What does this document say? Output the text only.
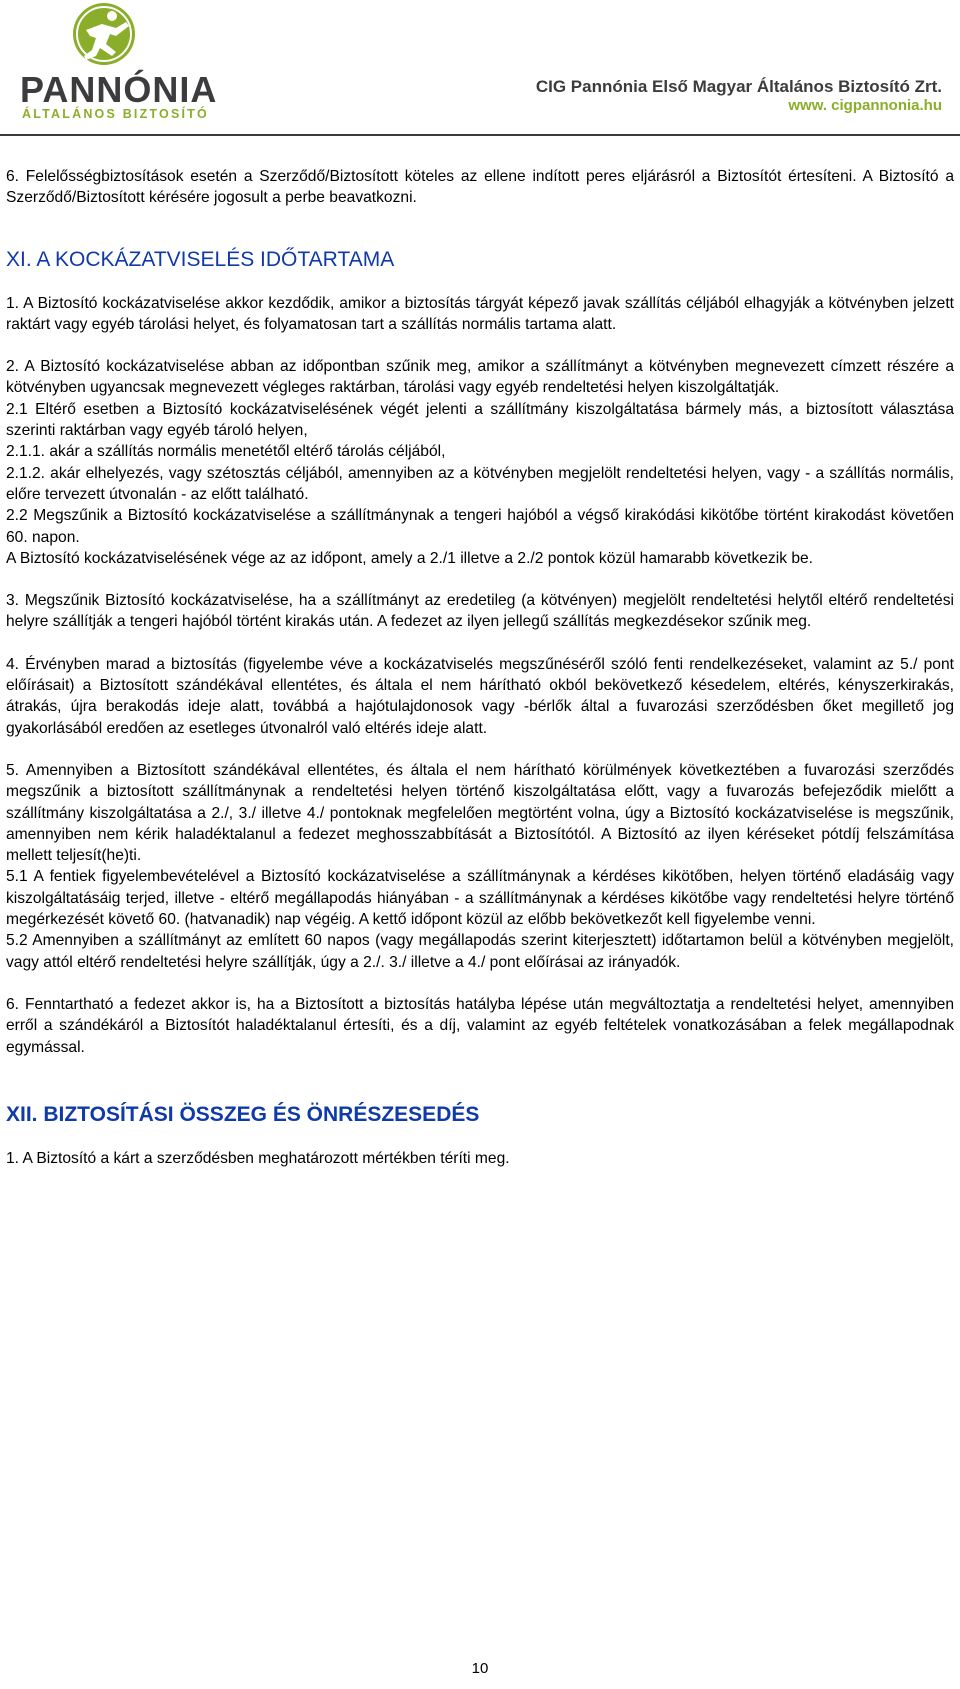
PANNÓNIA
ÁLTALÁNOS BIZTOSÍTÓ
CIG Pannónia Első Magyar Általános Biztosító Zrt.
www. cigpannonia.hu

6. Felelősségbiztosítások esetén a Szerződő/Biztosított köteles az ellene indított peres eljárásról a Biztosítót értesíteni. A Biztosító a Szerződő/Biztosított kérésére jogosult a perbe beavatkozni.

XI. A KOCKÁZATVISELÉS IDŐTARTAMA

1. A Biztosító kockázatviselése akkor kezdődik, amikor a biztosítás tárgyát képező javak szállítás céljából elhagyják a kötvényben jelzett raktárt vagy egyéb tárolási helyet, és folyamatosan tart a szállítás normális tartama alatt.

2. A Biztosító kockázatviselése abban az időpontban szűnik meg, amikor a szállítmányt a kötvényben megnevezett címzett részére a kötvényben ugyancsak megnevezett végleges raktárban, tárolási vagy egyéb rendeltetési helyen kiszolgáltatják.

2.1 Eltérő esetben a Biztosító kockázatviselésének végét jelenti a szállítmány kiszolgáltatása bármely más, a biztosított választása szerinti raktárban vagy egyéb tároló helyen,

2.1.1. akár a szállítás normális menetétől eltérő tárolás céljából,

2.1.2. akár elhelyezés, vagy szétosztás céljából, amennyiben az a kötvényben megjelölt rendeltetési helyen, vagy - a szállítás normális, előre tervezett útvonalán - az előtt található.

2.2 Megszűnik a Biztosító kockázatviselése a szállítmánynak a tengeri hajóból a végső kirakódási kikötőbe történt kirakodást követően 60. napon.

A Biztosító kockázatviselésének vége az az időpont, amely a 2./1 illetve a 2./2 pontok közül hamarabb következik be.

3. Megszűnik Biztosító kockázatviselése, ha a szállítmányt az eredetileg (a kötvényen) megjelölt rendeltetési helytől eltérő rendeltetési helyre szállítják a tengeri hajóból történt kirakás után. A fedezet az ilyen jellegű szállítás megkezdésekor szűnik meg.

4. Érvényben marad a biztosítás (figyelembe véve a kockázatviselés megszűnéséről szóló fenti rendelkezéseket, valamint az 5./ pont előírásait) a Biztosított szándékával ellentétes, és általa el nem hárítható okból bekövetkező késedelem, eltérés, kényszerkirakás, átrakás, újra berakodás ideje alatt, továbbá a hajótulajdonosok vagy -bérlők által a fuvarozási szerződésben őket megillető jog gyakorlásából eredően az esetleges útvonalról való eltérés ideje alatt.

5. Amennyiben a Biztosított szándékával ellentétes, és általa el nem hárítható körülmények következtében a fuvarozási szerződés megszűnik a biztosított szállítmánynak a rendeltetési helyen történő kiszolgáltatása előtt, vagy a fuvarozás befejeződik mielőtt a szállítmány kiszolgáltatása a 2./, 3./ illetve 4./ pontoknak megfelelően megtörtént volna, úgy a Biztosító kockázatviselése is megszűnik, amennyiben nem kérik haladéktalanul a fedezet meghosszabbítását a Biztosítótól. A Biztosító az ilyen kéréseket pótdíj felszámítása mellett teljesít(he)ti.

5.1 A fentiek figyelembevételével a Biztosító kockázatviselése a szállítmánynak a kérdéses kikötőben, helyen történő eladásáig vagy kiszolgáltatásáig terjed, illetve - eltérő megállapodás hiányában - a szállítmánynak a kérdéses kikötőbe vagy rendeltetési helyre történő megérkezését követő 60. (hatvanadik) nap végéig. A kettő időpont közül az előbb bekövetkezőt kell figyelembe venni.

5.2 Amennyiben a szállítmányt az említett 60 napos (vagy megállapodás szerint kiterjesztett) időtartamon belül a kötvényben megjelölt, vagy attól eltérő rendeltetési helyre szállítják, úgy a 2./. 3./ illetve a 4./ pont előírásai az irányadók.

6. Fenntartható a fedezet akkor is, ha a Biztosított a biztosítás hatályba lépése után megváltoztatja a rendeltetési helyet, amennyiben erről a szándékáról a Biztosítót haladéktalanul értesíti, és a díj, valamint az egyéb feltételek vonatkozásában a felek megállapodnak egymással.

XII. BIZTOSÍTÁSI ÖSSZEG ÉS ÖNRÉSZESEDÉS

1. A Biztosító a kárt a szerződésben meghatározott mértékben téríti meg.

10
